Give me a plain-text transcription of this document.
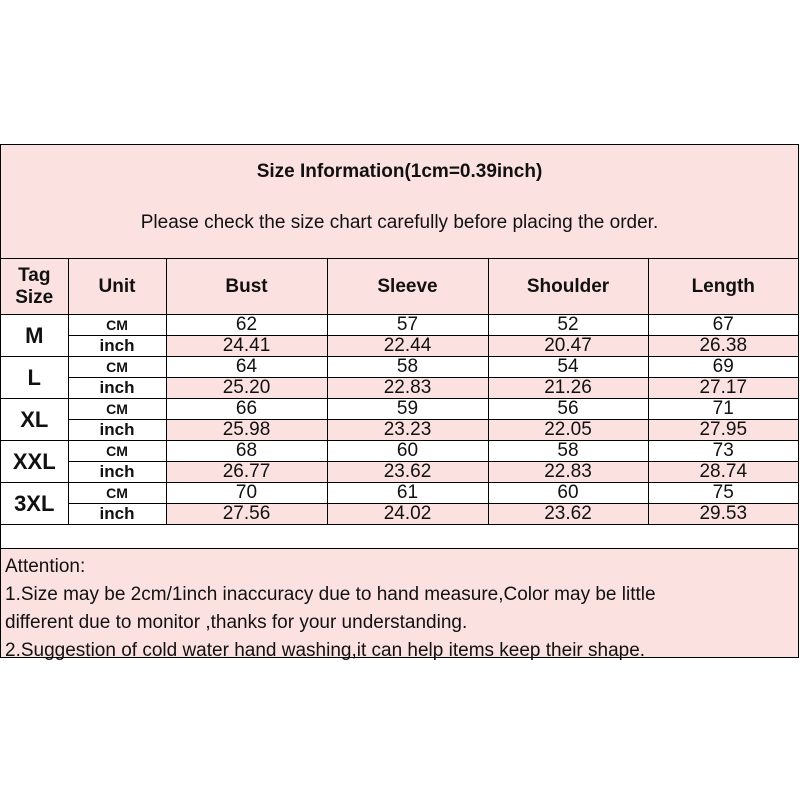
Size Information(1cm=0.39inch)
Please check the size chart carefully before placing the order.
Tag
Size	Unit	Bust	Sleeve	Shoulder	Length
M	CM	62	57	52	67
	inch	24.41	22.44	20.47	26.38
L	CM	64	58	54	69
	inch	25.20	22.83	21.26	27.17
XL	CM	66	59	56	71
	inch	25.98	23.23	22.05	27.95
XXL	CM	68	60	58	73
	inch	26.77	23.62	22.83	28.74
3XL	CM	70	61	60	75
	inch	27.56	24.02	23.62	29.53
Attention:
1.Size may be 2cm/1inch inaccuracy due to hand measure,Color may be little
different due to monitor ,thanks for your understanding.
2.Suggestion of cold water hand washing,it can help items keep their shape.
